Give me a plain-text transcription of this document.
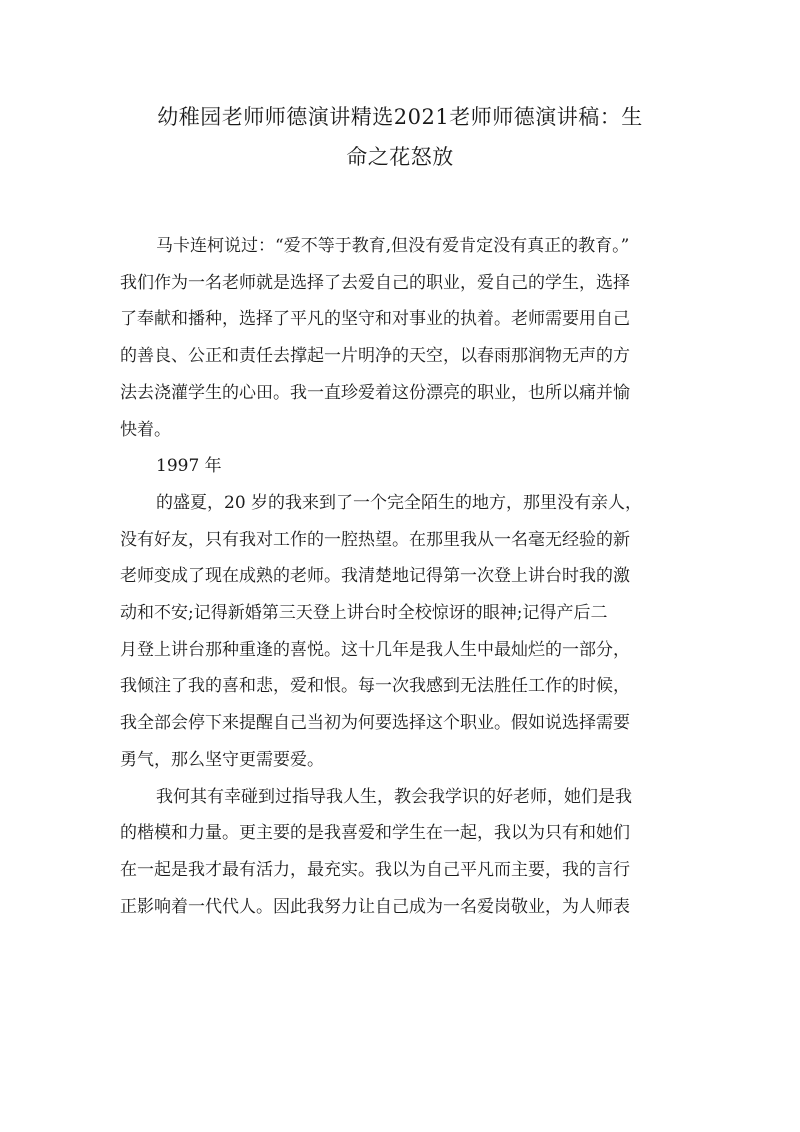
幼稚园老师师德演讲精选2021老师师德演讲稿：生
命之花怒放

马卡连柯说过：“爱不等于教育,但没有爱肯定没有真正的教育。”
我们作为一名老师就是选择了去爱自己的职业，爱自己的学生，选择
了奉献和播种，选择了平凡的坚守和对事业的执着。老师需要用自己
的善良、公正和责任去撑起一片明净的天空，以春雨那润物无声的方
法去浇灌学生的心田。我一直珍爱着这份漂亮的职业，也所以痛并愉
快着。

1997 年

的盛夏，20 岁的我来到了一个完全陌生的地方，那里没有亲人，
没有好友，只有我对工作的一腔热望。在那里我从一名毫无经验的新
老师变成了现在成熟的老师。我清楚地记得第一次登上讲台时我的激
动和不安;记得新婚第三天登上讲台时全校惊讶的眼神;记得产后二
月登上讲台那种重逢的喜悦。这十几年是我人生中最灿烂的一部分，
我倾注了我的喜和悲，爱和恨。每一次我感到无法胜任工作的时候，
我全部会停下来提醒自己当初为何要选择这个职业。假如说选择需要
勇气，那么坚守更需要爱。

我何其有幸碰到过指导我人生，教会我学识的好老师，她们是我
的楷模和力量。更主要的是我喜爱和学生在一起，我以为只有和她们
在一起是我才最有活力，最充实。我以为自己平凡而主要，我的言行
正影响着一代代人。因此我努力让自己成为一名爱岗敬业，为人师表
